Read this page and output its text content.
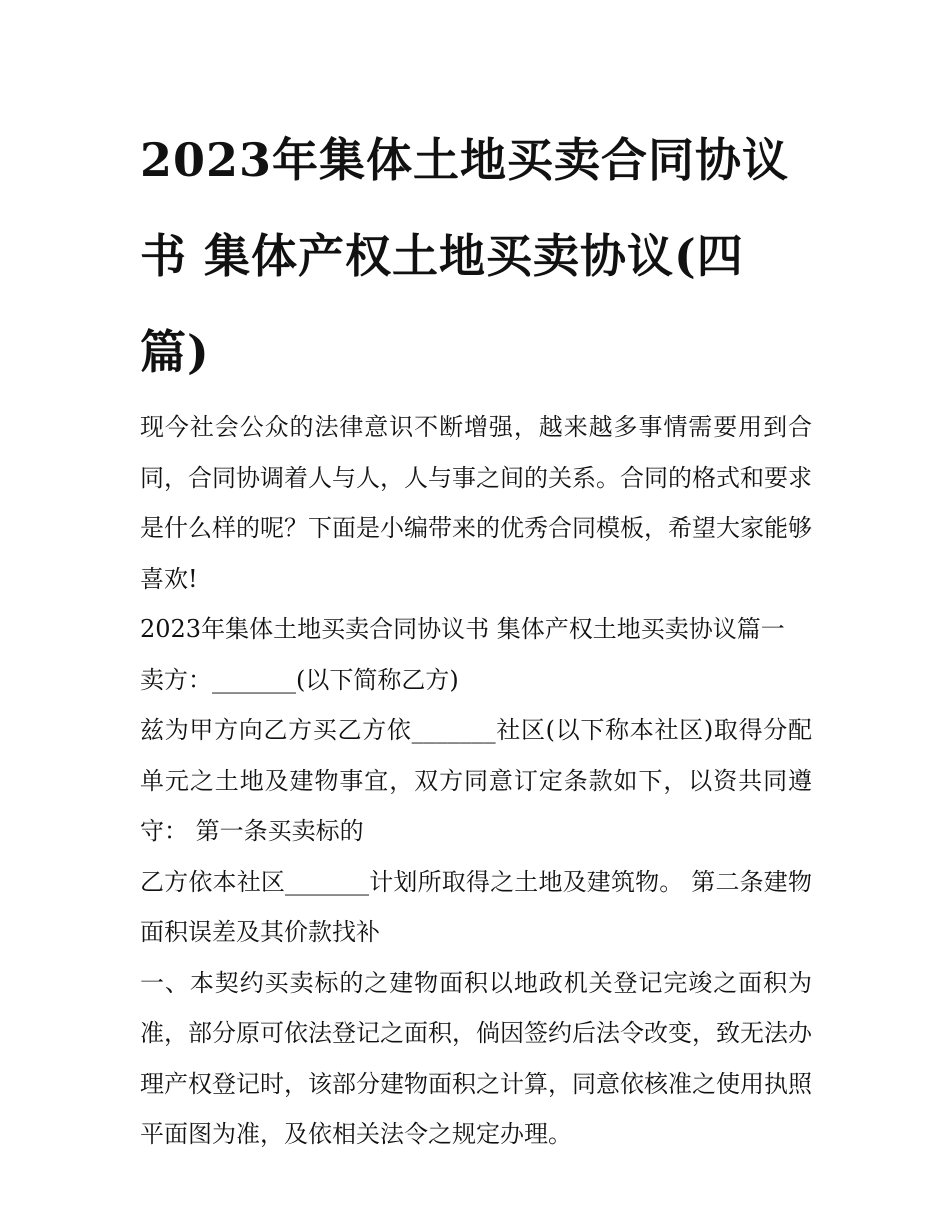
2023年集体土地买卖合同协议书 集体产权土地买卖协议(四篇)

现今社会公众的法律意识不断增强，越来越多事情需要用到合同，合同协调着人与人，人与事之间的关系。合同的格式和要求是什么样的呢？下面是小编带来的优秀合同模板，希望大家能够喜欢!

2023年集体土地买卖合同协议书 集体产权土地买卖协议篇一

卖方：_______(以下简称乙方)

兹为甲方向乙方买乙方依_______社区(以下称本社区)取得分配单元之土地及建物事宜，双方同意订定条款如下，以资共同遵守： 第一条买卖标的

乙方依本社区_______计划所取得之土地及建筑物。 第二条建物面积误差及其价款找补

一、本契约买卖标的之建物面积以地政机关登记完竣之面积为准，部分原可依法登记之面积，倘因签约后法令改变，致无法办理产权登记时，该部分建物面积之计算，同意依核准之使用执照平面图为准，及依相关法令之规定办理。
